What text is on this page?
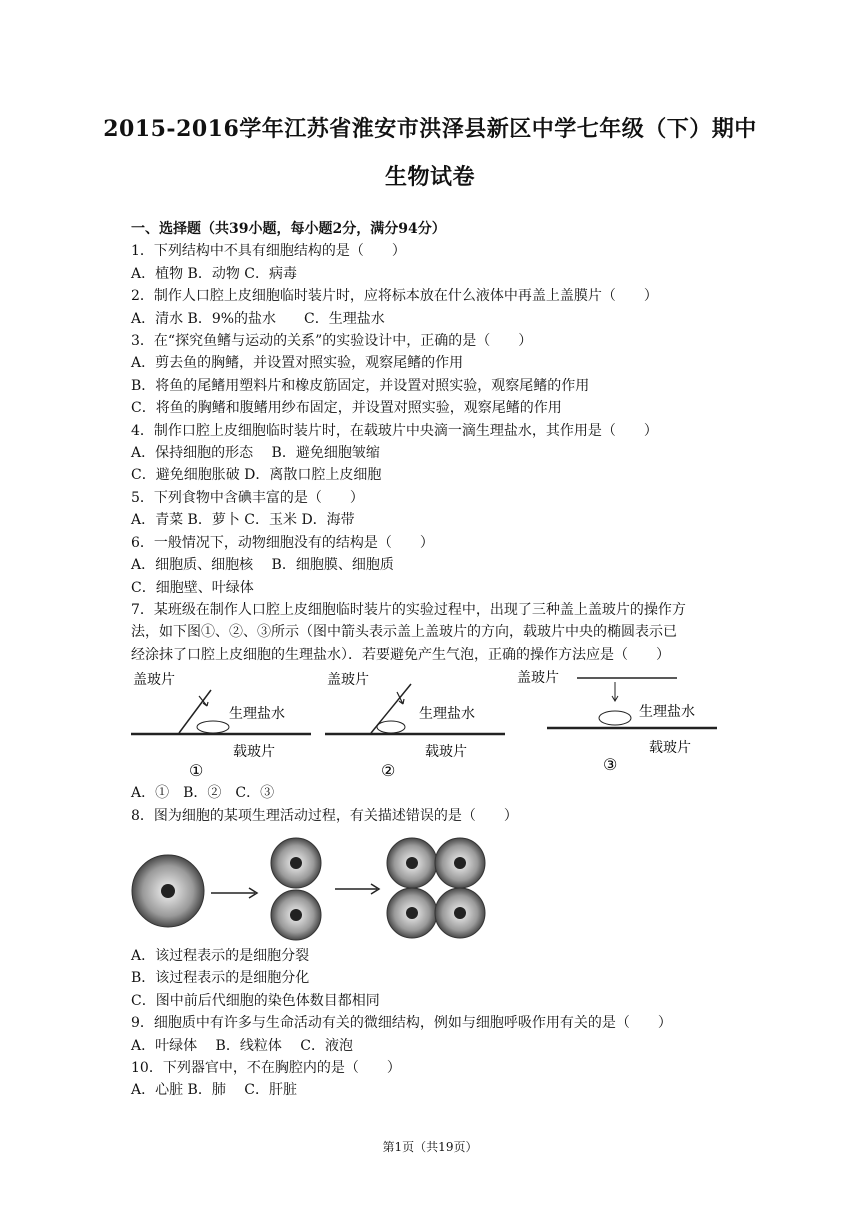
2015-2016学年江苏省淮安市洪泽县新区中学七年级（下）期中
生物试卷

一、选择题（共39小题，每小题2分，满分94分）

1．下列结构中不具有细胞结构的是（　　）

A．植物 B．动物 C．病毒

2．制作人口腔上皮细胞临时装片时，应将标本放在什么液体中再盖上盖膜片（　　）

A．清水 B．9%的盐水　　C．生理盐水

3．在“探究鱼鳍与运动的关系”的实验设计中，正确的是（　　）

A．剪去鱼的胸鳍，并设置对照实验，观察尾鳍的作用

B．将鱼的尾鳍用塑料片和橡皮筋固定，并设置对照实验，观察尾鳍的作用

C．将鱼的胸鳍和腹鳍用纱布固定，并设置对照实验，观察尾鳍的作用

4．制作口腔上皮细胞临时装片时，在载玻片中央滴一滴生理盐水，其作用是（　　）

A．保持细胞的形态　 B．避免细胞皱缩

C．避免细胞胀破 D．离散口腔上皮细胞

5．下列食物中含碘丰富的是（　　）

A．青菜 B．萝卜 C．玉米 D．海带

6．一般情况下，动物细胞没有的结构是（　　）

A．细胞质、细胞核　 B．细胞膜、细胞质

C．细胞壁、叶绿体

7．某班级在制作人口腔上皮细胞临时装片的实验过程中，出现了三种盖上盖玻片的操作方

法，如下图①、②、③所示（图中箭头表示盖上盖玻片的方向，载玻片中央的椭圆表示已

经涂抹了口腔上皮细胞的生理盐水）．若要避免产生气泡，正确的操作方法应是（　　）

盖玻片
生理盐水
载玻片
①
盖玻片
生理盐水
载玻片
②
盖玻片
生理盐水
载玻片
③

A．①　B．②　C．③

8．图为细胞的某项生理活动过程，有关描述错误的是（　　）

A．该过程表示的是细胞分裂

B．该过程表示的是细胞分化

C．图中前后代细胞的染色体数目都相同

9．细胞质中有许多与生命活动有关的微细结构，例如与细胞呼吸作用有关的是（　　）

A．叶绿体　 B．线粒体　 C．液泡

10．下列器官中，不在胸腔内的是（　　）

A．心脏 B．肺　 C．肝脏

第1页（共19页）
